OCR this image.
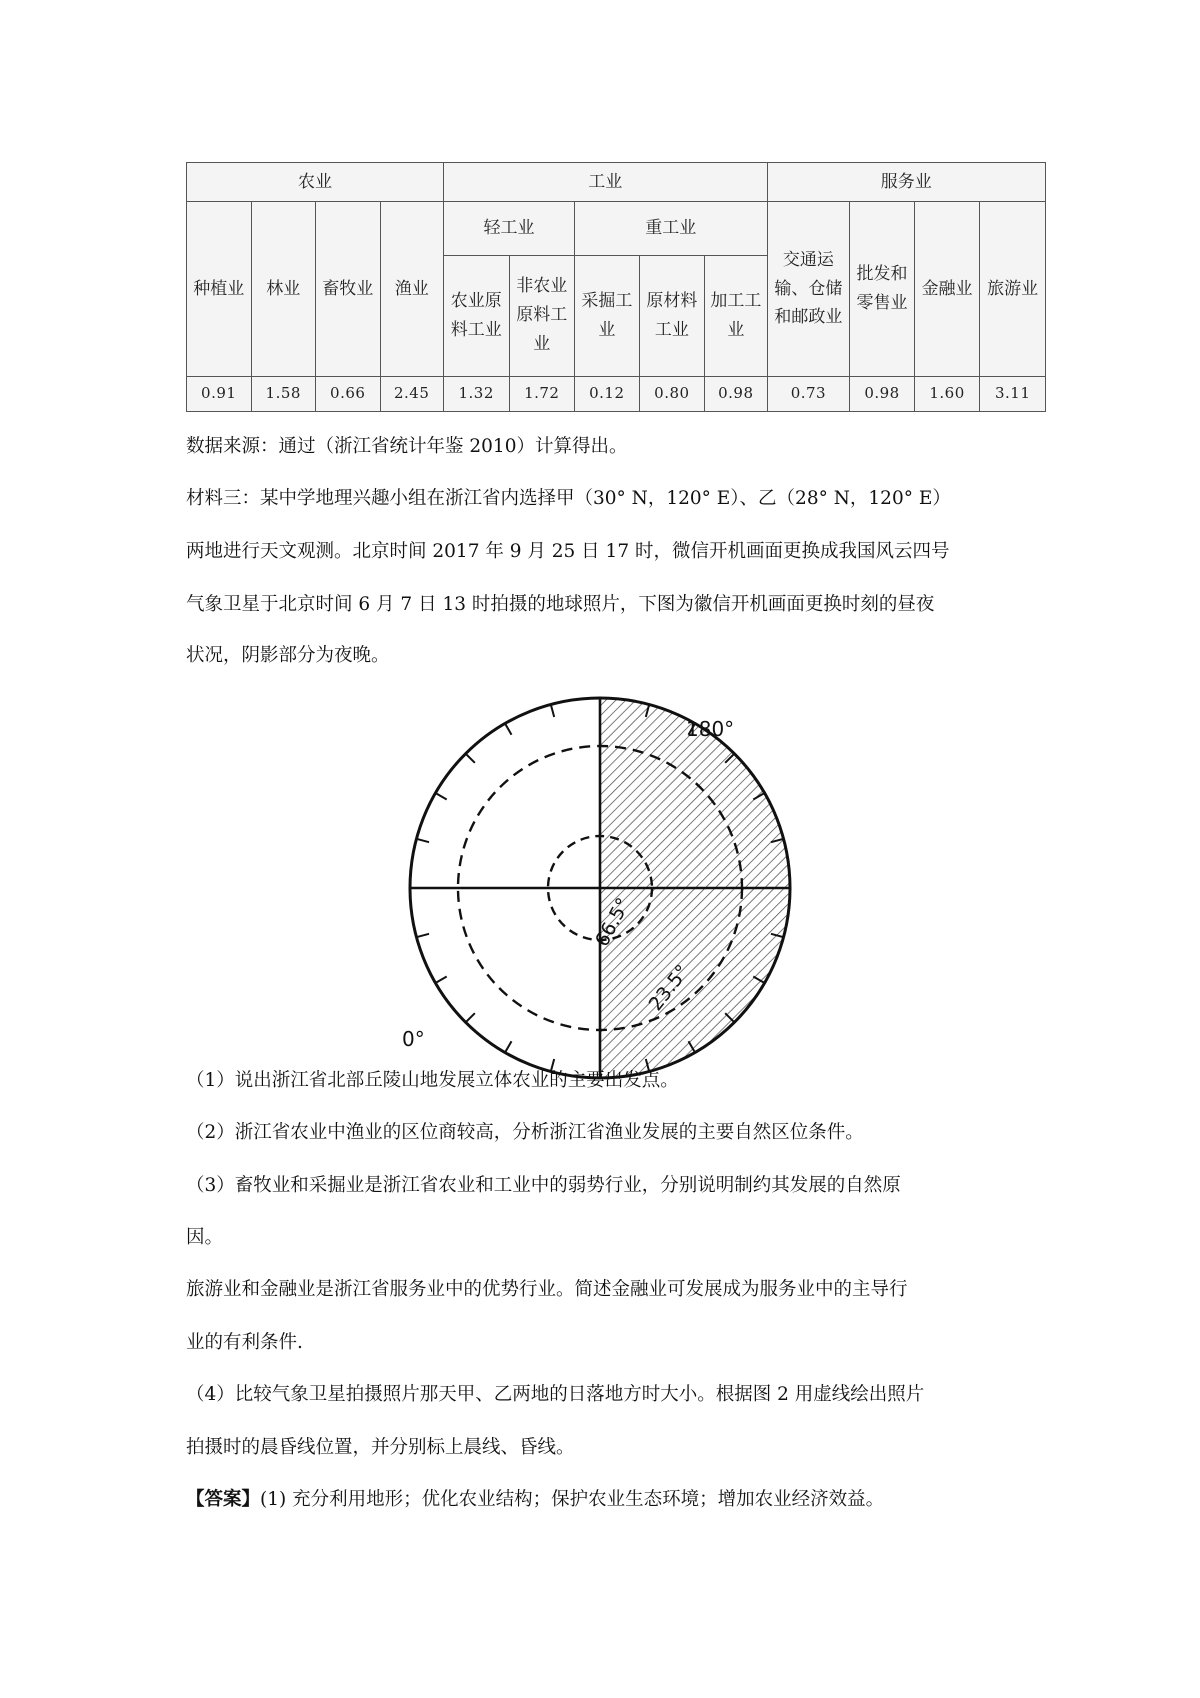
农业				工业					服务业			
种植业	林业	畜牧业	渔业	轻工业		重工业			交通运输、仓储和邮政业	批发和零售业	金融业	旅游业
				农业原料工业	非农业原料工业	采掘工业	原材料工业	加工工业				
0.91	1.58	0.66	2.45	1.32	1.72	0.12	0.80	0.98	0.73	0.98	1.60	3.11
数据来源：通过（浙江省统计年鉴 2010）计算得出。
材料三：某中学地理兴趣小组在浙江省内选择甲（30° N，120° E）、乙（28° N，120° E）
两地进行天文观测。北京时间 2017 年 9 月 25 日 17 时，微信开机画面更换成我国风云四号
气象卫星于北京时间 6 月 7 日 13 时拍摄的地球照片，下图为徽信开机画面更换时刻的昼夜
状况，阴影部分为夜晚。
180°
0°
66.5°
23.5°
（1）说出浙江省北部丘陵山地发展立体农业的主要出发点。
（2）浙江省农业中渔业的区位商较高，分析浙江省渔业发展的主要自然区位条件。
（3）畜牧业和采掘业是浙江省农业和工业中的弱势行业，分别说明制约其发展的自然原
因。
旅游业和金融业是浙江省服务业中的优势行业。简述金融业可发展成为服务业中的主导行
业的有利条件.
（4）比较气象卫星拍摄照片那天甲、乙两地的日落地方时大小。根据图 2 用虚线绘出照片
拍摄时的晨昏线位置，并分别标上晨线、昏线。
【答案】(1) 充分利用地形；优化农业结构；保护农业生态环境；增加农业经济效益。
